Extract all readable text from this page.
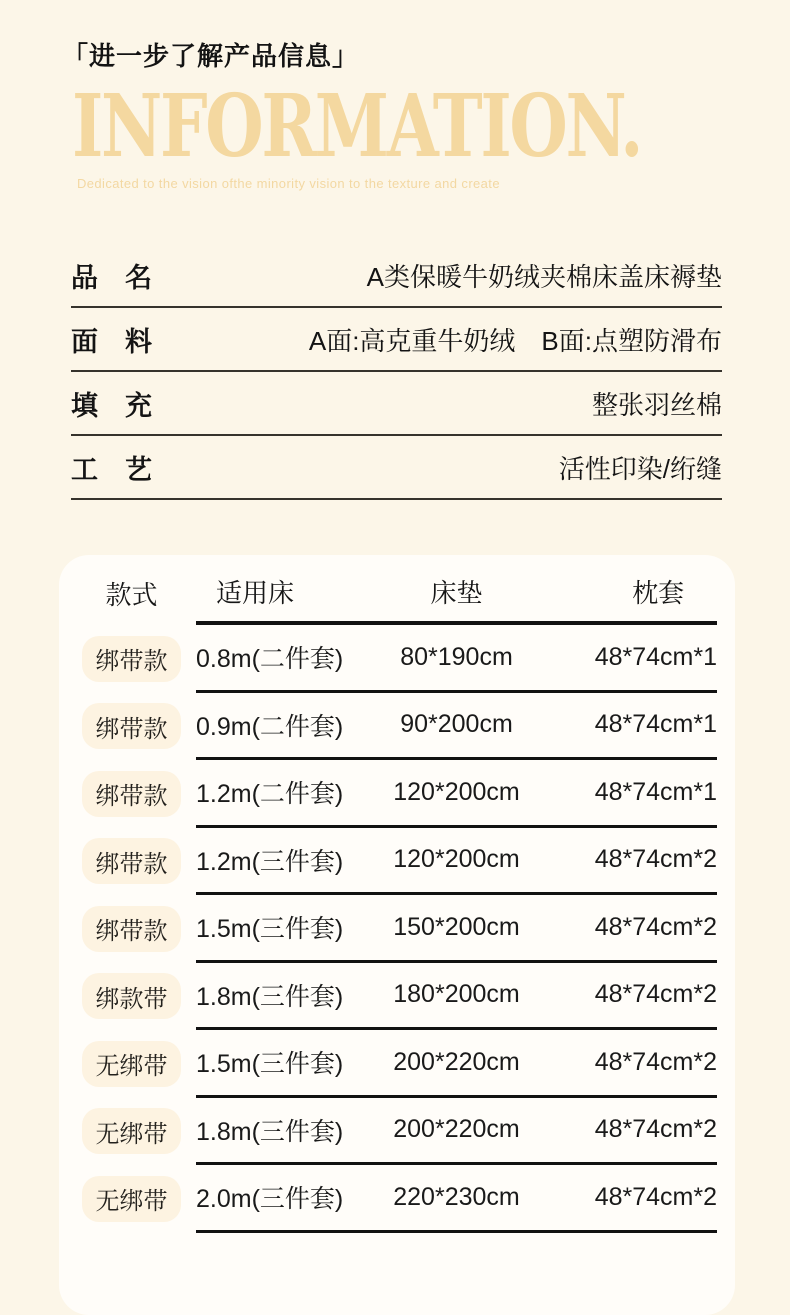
「进一步了解产品信息」
INFORMATION.
Dedicated to the vision ofthe minority vision to the texture and create
品　名	A类保暖牛奶绒夹棉床盖床褥垫
面　料	A面:高克重牛奶绒　B面:点塑防滑布
填　充	整张羽丝棉
工　艺	活性印染/绗缝
款式	适用床	床垫	枕套
绑带款	0.8m(二件套)	80*190cm	48*74cm*1
绑带款	0.9m(二件套)	90*200cm	48*74cm*1
绑带款	1.2m(二件套)	120*200cm	48*74cm*1
绑带款	1.2m(三件套)	120*200cm	48*74cm*2
绑带款	1.5m(三件套)	150*200cm	48*74cm*2
绑款带	1.8m(三件套)	180*200cm	48*74cm*2
无绑带	1.5m(三件套)	200*220cm	48*74cm*2
无绑带	1.8m(三件套)	200*220cm	48*74cm*2
无绑带	2.0m(三件套)	220*230cm	48*74cm*2
